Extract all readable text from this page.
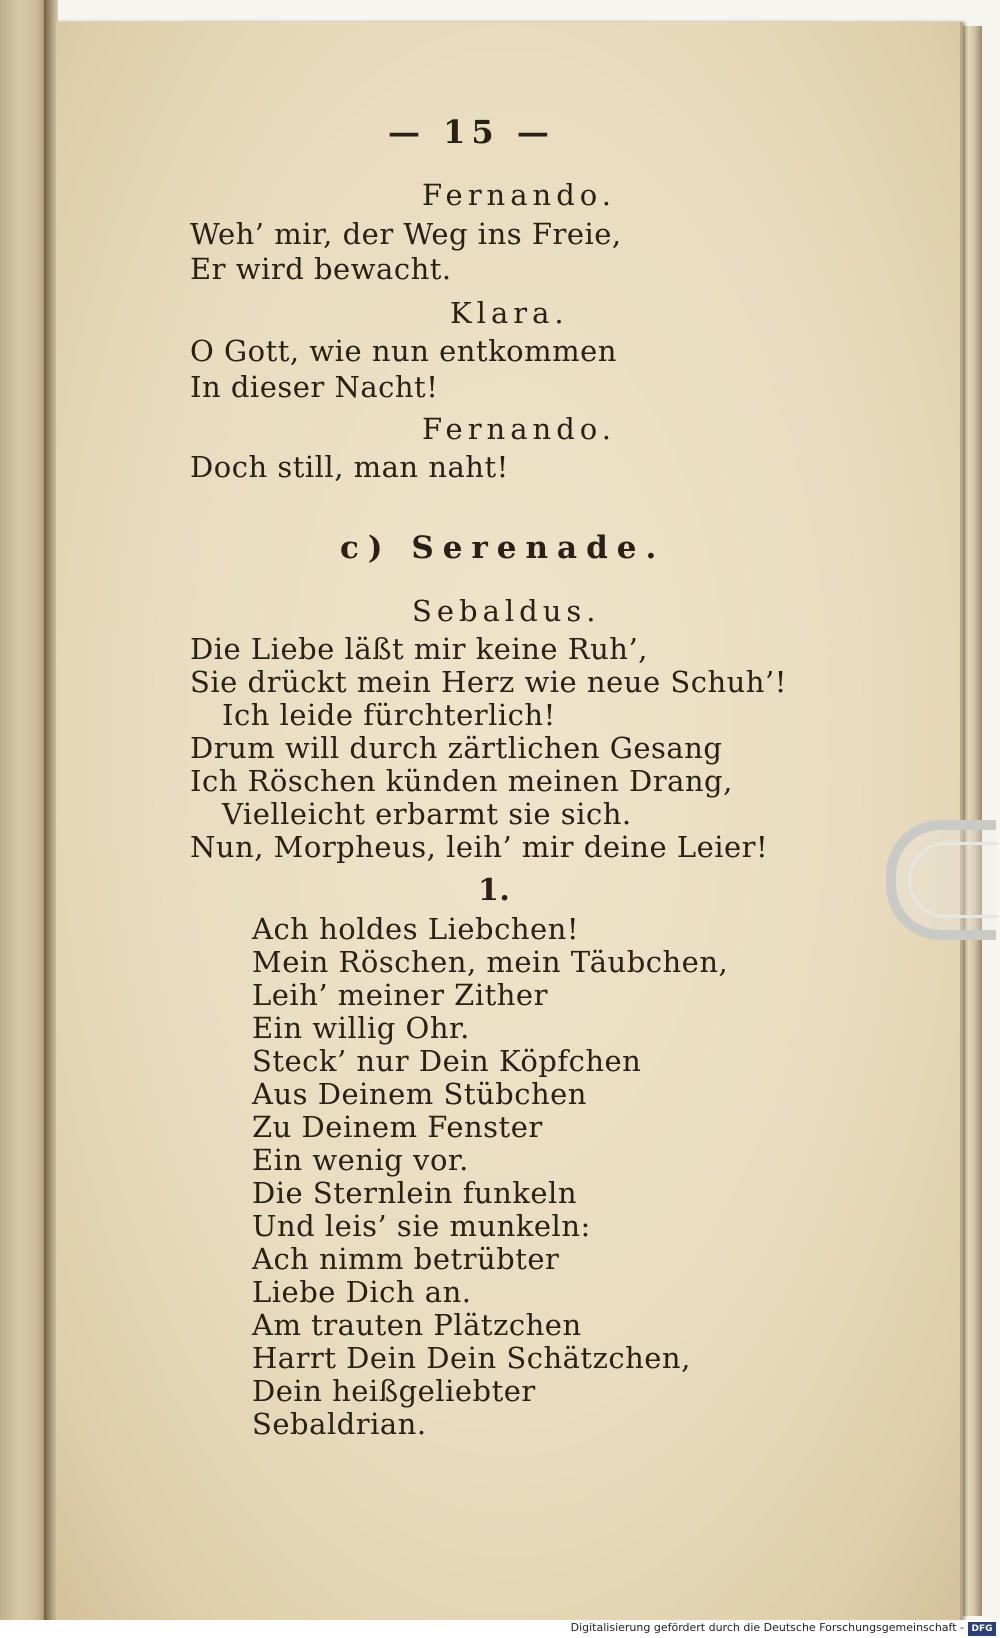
— 15 —
Fernando.
Weh’ mir, der Weg ins Freie,
Er wird bewacht.
Klara.
O Gott, wie nun entkommen
In dieser Nacht!
Fernando.
Doch still, man naht!
c) Serenade.
Sebaldus.
Die Liebe läßt mir keine Ruh’,
Sie drückt mein Herz wie neue Schuh’!
Ich leide fürchterlich!
Drum will durch zärtlichen Gesang
Ich Röschen künden meinen Drang,
Vielleicht erbarmt sie sich.
Nun, Morpheus, leih’ mir deine Leier!
1.
Ach holdes Liebchen!
Mein Röschen, mein Täubchen,
Leih’ meiner Zither
Ein willig Ohr.
Steck’ nur Dein Köpfchen
Aus Deinem Stübchen
Zu Deinem Fenster
Ein wenig vor.
Die Sternlein funkeln
Und leis’ sie munkeln:
Ach nimm betrübter
Liebe Dich an.
Am trauten Plätzchen
Harrt Dein Dein Schätzchen,
Dein heißgeliebter
Sebaldrian.
Digitalisierung gefördert durch die Deutsche Forschungsgemeinschaft - DFG
